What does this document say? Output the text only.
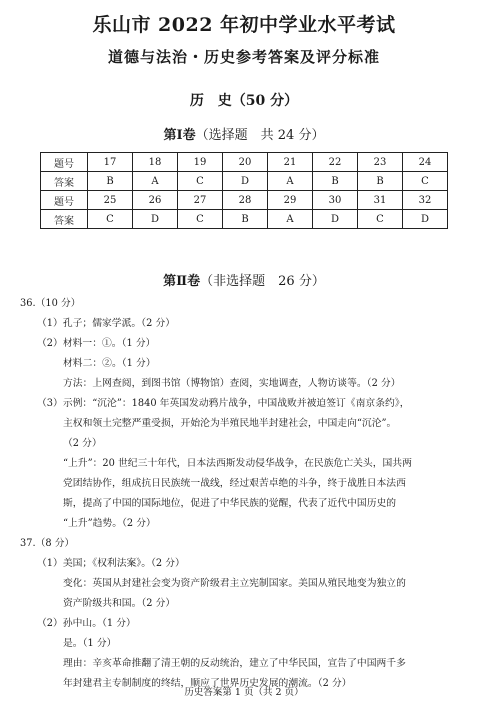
乐山市 2022 年初中学业水平考试
道德与法治・历史参考答案及评分标准
历　史（50 分）
第Ⅰ卷（选择题　共 24 分）
题号	17	18	19	20	21	22	23	24
答案	B	A	C	D	A	B	B	C
题号	25	26	27	28	29	30	31	32
答案	C	D	C	B	A	D	C	D
第Ⅱ卷（非选择题　26 分）
36.（10 分）
（1）孔子；儒家学派。（2 分）
（2）材料一：①。（1 分）
材料二：②。（1 分）
方法：上网查阅，到图书馆（博物馆）查阅，实地调查，人物访谈等。（2 分）
（3）示例：“沉沦”：1840 年英国发动鸦片战争，中国战败并被迫签订《南京条约》，
主权和领土完整严重受损，开始沦为半殖民地半封建社会，中国走向“沉沦”。
（2 分）
“上升”：20 世纪三十年代，日本法西斯发动侵华战争，在民族危亡关头，国共两
党团结协作，组成抗日民族统一战线，经过艰苦卓绝的斗争，终于战胜日本法西
斯，提高了中国的国际地位，促进了中华民族的觉醒，代表了近代中国历史的
“上升”趋势。（2 分）
37.（8 分）
（1）美国；《权利法案》。（2 分）
变化：英国从封建社会变为资产阶级君主立宪制国家。美国从殖民地变为独立的
资产阶级共和国。（2 分）
（2）孙中山。（1 分）
是。（1 分）
理由：辛亥革命推翻了清王朝的反动统治，建立了中华民国，宣告了中国两千多
年封建君主专制制度的终结，顺应了世界历史发展的潮流。（2 分）
历史答案第 1 页（共 2 页）
